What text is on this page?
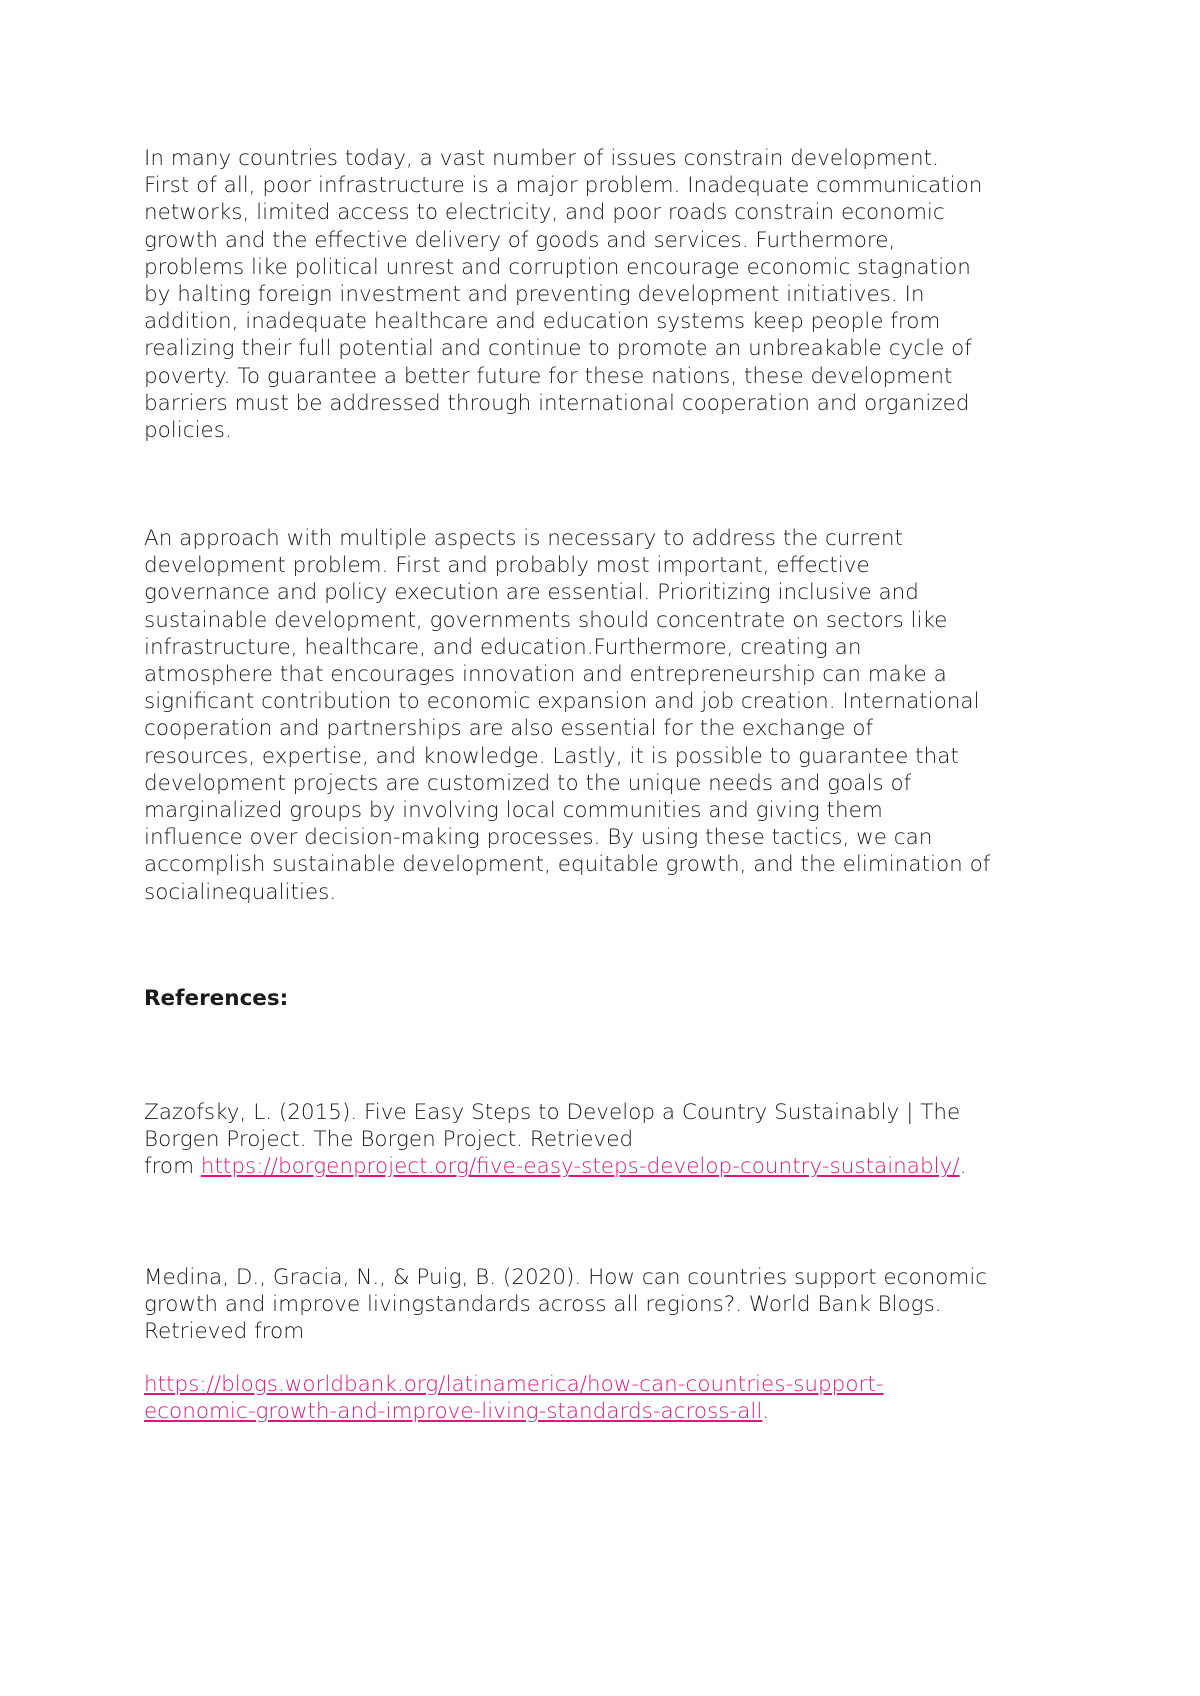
In many countries today, a vast number of issues constrain development.
First of all, poor infrastructure is a major problem. Inadequate communication
networks, limited access to electricity, and poor roads constrain economic
growth and the effective delivery of goods and services. Furthermore,
problems like political unrest and corruption encourage economic stagnation
by halting foreign investment and preventing development initiatives. In
addition, inadequate healthcare and education systems keep people from
realizing their full potential and continue to promote an unbreakable cycle of
poverty. To guarantee a better future for these nations, these development
barriers must be addressed through international cooperation and organized
policies.

An approach with multiple aspects is necessary to address the current
development problem. First and probably most important, effective
governance and policy execution are essential. Prioritizing inclusive and
sustainable development, governments should concentrate on sectors like
infrastructure, healthcare, and education.Furthermore, creating an
atmosphere that encourages innovation and entrepreneurship can make a
significant contribution to economic expansion and job creation. International
cooperation and partnerships are also essential for the exchange of
resources, expertise, and knowledge. Lastly, it is possible to guarantee that
development projects are customized to the unique needs and goals of
marginalized groups by involving local communities and giving them
influence over decision-making processes. By using these tactics, we can
accomplish sustainable development, equitable growth, and the elimination of
socialinequalities.

References:

Zazofsky, L. (2015). Five Easy Steps to Develop a Country Sustainably | The
Borgen Project. The Borgen Project. Retrieved
from https://borgenproject.org/five-easy-steps-develop-country-sustainably/.

Medina, D., Gracia, N., & Puig, B. (2020). How can countries support economic
growth and improve livingstandards across all regions?. World Bank Blogs.
Retrieved from

https://blogs.worldbank.org/latinamerica/how-can-countries-support-
economic-growth-and-improve-living-standards-across-all.
